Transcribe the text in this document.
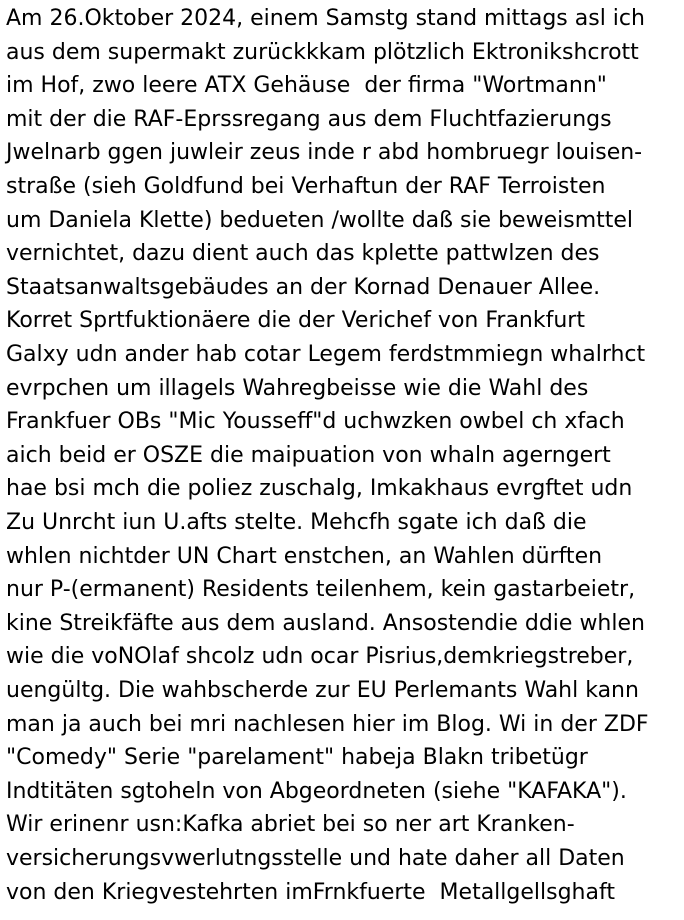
Am 26.Oktober 2024, einem Samstg stand mittags asl ich
aus dem supermakt zurückkkam plötzlich Ektronikshcrott
im Hof, zwo leere ATX Gehäuse  der firma "Wortmann"
mit der die RAF-Eprssregang aus dem Fluchtfazierungs
Jwelnarb ggen juwleir zeus inde r abd hombruegr louisen-
straße (sieh Goldfund bei Verhaftun der RAF Terroisten
um Daniela Klette) bedueten /wollte daß sie beweismttel
vernichtet, dazu dient auch das kplette pattwlzen des
Staatsanwaltsgebäudes an der Kornad Denauer Allee.
Korret Sprtfuktionäere die der Verichef von Frankfurt
Galxy udn ander hab cotar Legem ferdstmmiegn whalrhct
evrpchen um illagels Wahregbeisse wie die Wahl des
Frankfuer OBs "Mic Yousseff"d uchwzken owbel ch xfach
aich beid er OSZE die maipuation von whaln agerngert
hae bsi mch die poliez zuschalg, Imkakhaus evrgftet udn
Zu Unrcht iun U.afts stelte. Mehcfh sgate ich daß die
whlen nichtder UN Chart enstchen, an Wahlen dürften
nur P-(ermanent) Residents teilenhem, kein gastarbeietr,
kine Streikfäfte aus dem ausland. Ansostendie ddie whlen
wie die voNOlaf shcolz udn ocar Pisrius,demkriegstreber,
uengültg. Die wahbscherde zur EU Perlemants Wahl kann
man ja auch bei mri nachlesen hier im Blog. Wi in der ZDF
"Comedy" Serie "parelament" habeja Blakn tribetügr
Indtitäten sgtoheln von Abgeordneten (siehe "KAFAKA").
Wir erinenr usn:Kafka abriet bei so ner art Kranken-
versicherungsvwerlutngsstelle und hate daher all Daten
von den Kriegvestehrten imFrnkfuerte  Metallgellsghaft
